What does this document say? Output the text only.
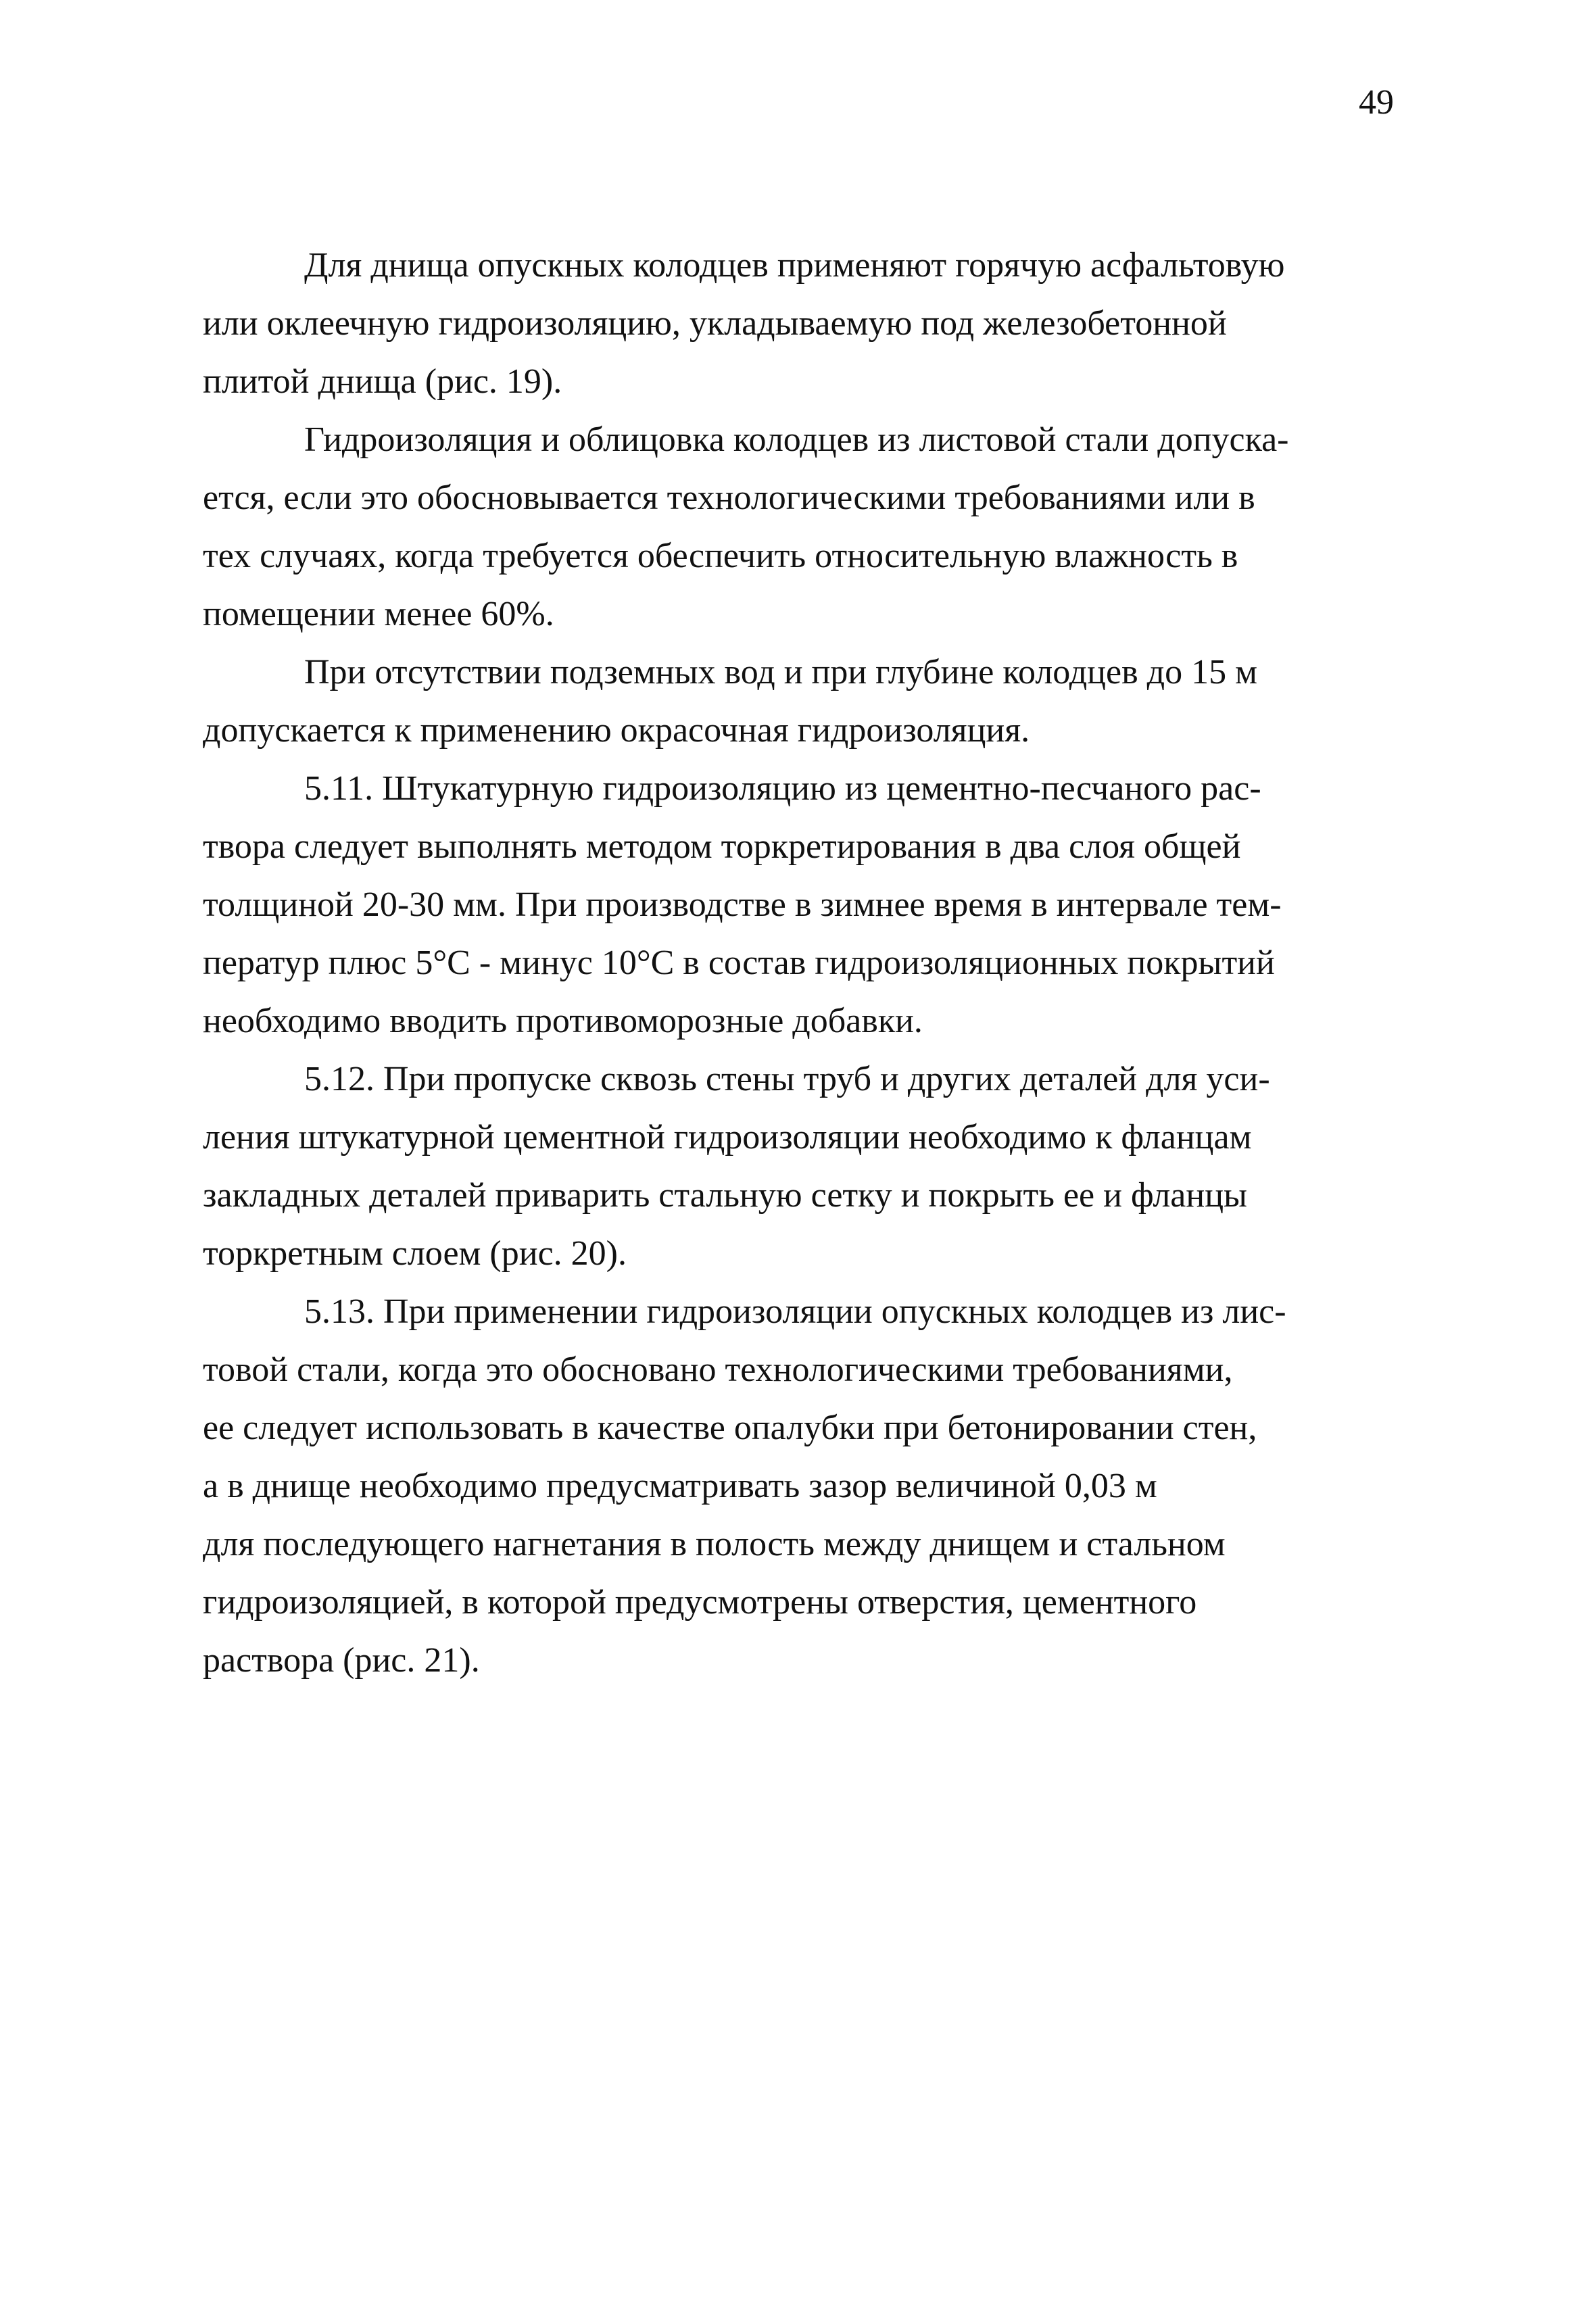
49
Для днища опускных колодцев применяют горячую асфальтовую
или оклеечную гидроизоляцию, укладываемую под железобетонной
плитой днища (рис. 19).
Гидроизоляция и облицовка колодцев из листовой стали допуска-
ется, если это обосновывается технологическими требованиями или в
тех случаях, когда требуется обеспечить относительную влажность в
помещении менее 60%.
При отсутствии подземных вод и при глубине колодцев до 15 м
допускается к применению окрасочная гидроизоляция.
5.11. Штукатурную гидроизоляцию из цементно-песчаного рас-
твора следует выполнять методом торкретирования в два слоя общей
толщиной 20-30 мм. При производстве в зимнее время в интервале тем-
ператур плюс 5°С - минус 10°С в состав гидроизоляционных покрытий
необходимо вводить противоморозные добавки.
5.12. При пропуске сквозь стены труб и других деталей для уси-
ления штукатурной цементной гидроизоляции необходимо к фланцам
закладных деталей приварить стальную сетку и покрыть ее и фланцы
торкретным слоем (рис. 20).
5.13. При применении гидроизоляции опускных колодцев из лис-
товой стали, когда это обосновано технологическими требованиями,
ее следует использовать в качестве опалубки при бетонировании стен,
а в днище необходимо предусматривать зазор величиной 0,03 м
для последующего нагнетания в полость между днищем и стальном
гидроизоляцией, в которой предусмотрены отверстия, цементного
раствора (рис. 21).
